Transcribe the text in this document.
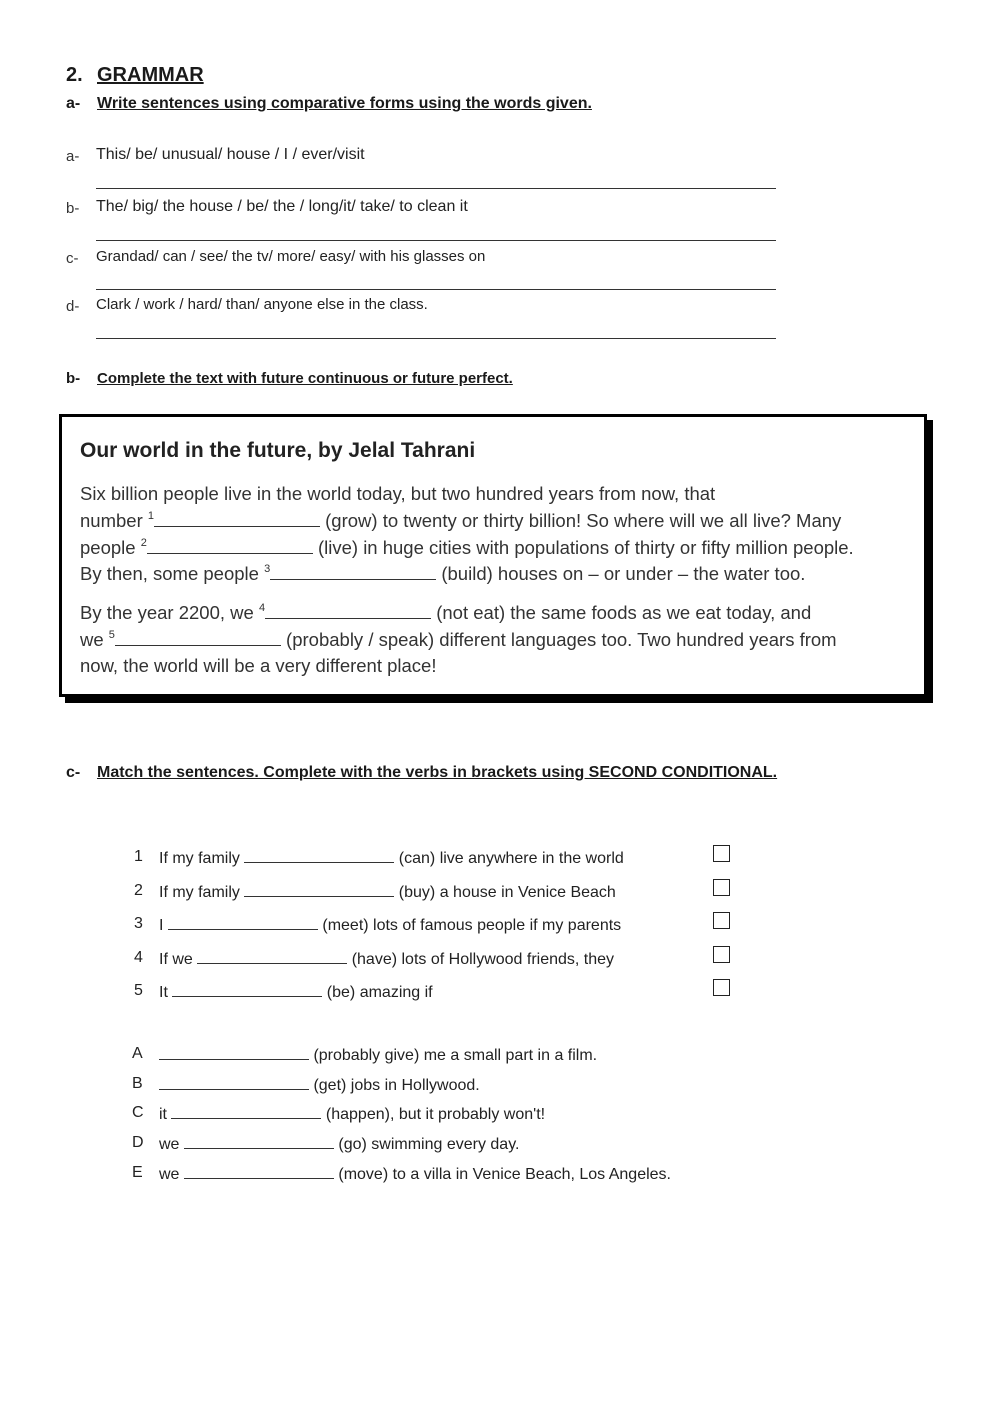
2. GRAMMAR
a- Write sentences using comparative forms using the words given.
a- This/ be/ unusual/ house / I / ever/visit
b- The/ big/ the house / be/ the / long/it/ take/ to clean it
c- Grandad/ can / see/ the tv/ more/ easy/ with his glasses on
d- Clark / work / hard/ than/ anyone else in the class.
b- Complete the text with future continuous or future perfect.
Our world in the future, by Jelal Tahrani
Six billion people live in the world today, but two hundred years from now, that
number $^1$	(grow) to twenty or thirty billion! So where will we all live? Many
people $^2$	(live) in huge cities with populations of thirty or fifty million people.
By then, some people $^3$	(build) houses on – or under – the water too.
By the year 2200, we $^4$	(not eat) the same foods as we eat today, and
we $^5$	(probably / speak) different languages too. Two hundred years from
now, the world will be a very different place!
c- Match the sentences. Complete with the verbs in brackets using SECOND CONDITIONAL.
1 If my family	(can) live anywhere in the world
2 If my family	(buy) a house in Venice Beach
3 I	(meet) lots of famous people if my parents
4 If we	(have) lots of Hollywood friends, they
5 It	(be) amazing if
A	(probably give) me a small part in a film.
B	(get) jobs in Hollywood.
C it	(happen), but it probably won't!
D we	(go) swimming every day.
E we	(move) to a villa in Venice Beach, Los Angeles.
